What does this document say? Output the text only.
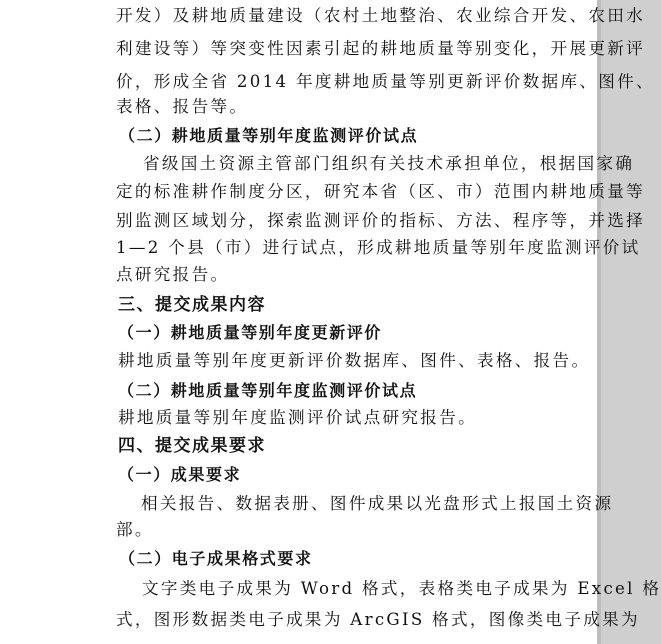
开发）及耕地质量建设（农村土地整治、农业综合开发、农田水
利建设等）等突变性因素引起的耕地质量等别变化，开展更新评
价，形成全省 2014 年度耕地质量等别更新评价数据库、图件、
表格、报告等。
（二）耕地质量等别年度监测评价试点
省级国土资源主管部门组织有关技术承担单位，根据国家确
定的标准耕作制度分区，研究本省（区、市）范围内耕地质量等
别监测区域划分，探索监测评价的指标、方法、程序等，并选择
1—2 个县（市）进行试点，形成耕地质量等别年度监测评价试
点研究报告。
三、提交成果内容
（一）耕地质量等别年度更新评价
耕地质量等别年度更新评价数据库、图件、表格、报告。
（二）耕地质量等别年度监测评价试点
耕地质量等别年度监测评价试点研究报告。
四、提交成果要求
（一）成果要求
相关报告、数据表册、图件成果以光盘形式上报国土资源
部。
（二）电子成果格式要求
文字类电子成果为 Word 格式，表格类电子成果为 Excel 格
式，图形数据类电子成果为 ArcGIS 格式，图像类电子成果为
